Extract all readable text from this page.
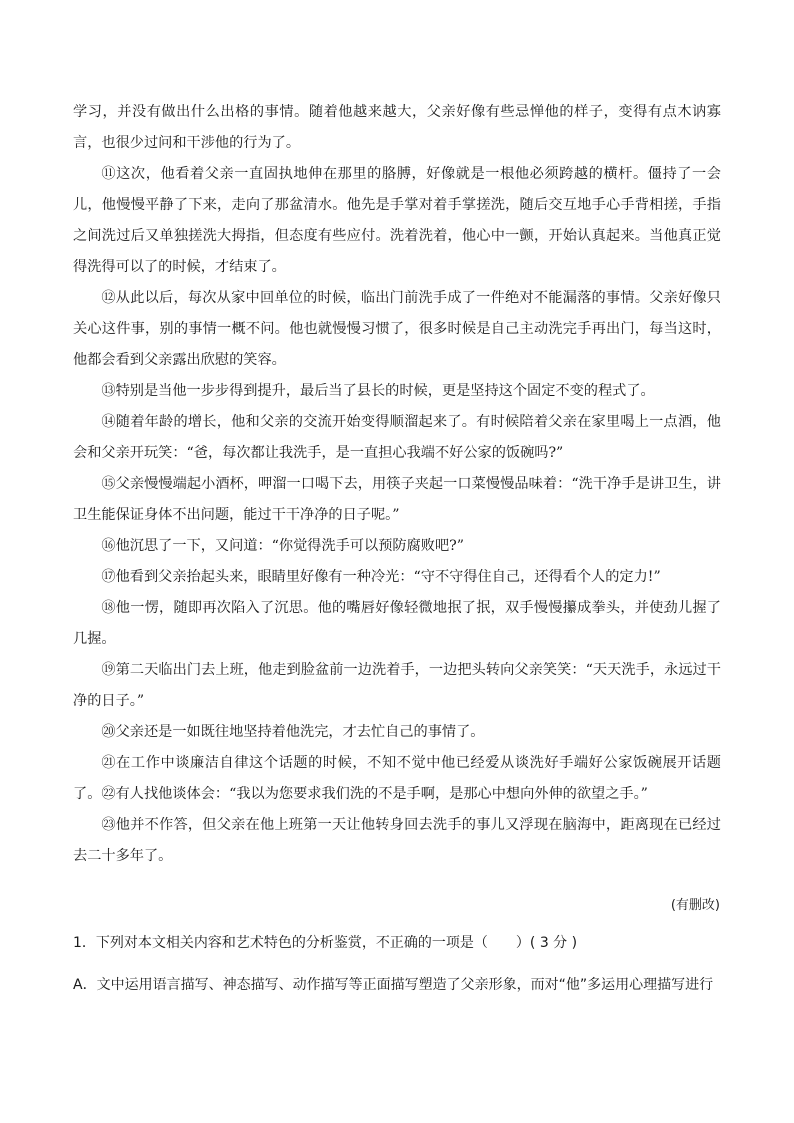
学习，并没有做出什么出格的事情。随着他越来越大，父亲好像有些忌惮他的样子，变得有点木讷寡言，也很少过问和干涉他的行为了。

⑪这次，他看着父亲一直固执地伸在那里的胳膊，好像就是一根他必须跨越的横杆。僵持了一会儿，他慢慢平静了下来，走向了那盆清水。他先是手掌对着手掌搓洗，随后交互地手心手背相搓，手指之间洗过后又单独搓洗大拇指，但态度有些应付。洗着洗着，他心中一颤，开始认真起来。当他真正觉得洗得可以了的时候，才结束了。

⑫从此以后，每次从家中回单位的时候，临出门前洗手成了一件绝对不能漏落的事情。父亲好像只关心这件事，别的事情一概不问。他也就慢慢习惯了，很多时候是自己主动洗完手再出门，每当这时，他都会看到父亲露出欣慰的笑容。

⑬特别是当他一步步得到提升，最后当了县长的时候，更是坚持这个固定不变的程式了。

⑭随着年龄的增长，他和父亲的交流开始变得顺溜起来了。有时候陪着父亲在家里喝上一点酒，他会和父亲开玩笑：“爸，每次都让我洗手，是一直担心我端不好公家的饭碗吗?”

⑮父亲慢慢端起小酒杯，呷溜一口喝下去，用筷子夹起一口菜慢慢品味着：“洗干净手是讲卫生，讲卫生能保证身体不出问题，能过干干净净的日子呢。”

⑯他沉思了一下，又问道：“你觉得洗手可以预防腐败吧?”

⑰他看到父亲抬起头来，眼睛里好像有一种冷光：“守不守得住自己，还得看个人的定力!”

⑱他一愣，随即再次陷入了沉思。他的嘴唇好像轻微地抿了抿，双手慢慢攥成拳头，并使劲儿握了几握。

⑲第二天临出门去上班，他走到脸盆前一边洗着手，一边把头转向父亲笑笑：“天天洗手，永远过干净的日子。”

⑳父亲还是一如既往地坚持着他洗完，才去忙自己的事情了。

㉑在工作中谈廉洁自律这个话题的时候，不知不觉中他已经爱从谈洗好手端好公家饭碗展开话题了。 ㉒有人找他谈体会：“我以为您要求我们洗的不是手啊，是那心中想向外伸的欲望之手。”

㉓他并不作答，但父亲在他上班第一天让他转身回去洗手的事儿又浮现在脑海中，距离现在已经过去二十多年了。

(有删改)

1．下列对本文相关内容和艺术特色的分析鉴赏，不正确的一项是（　　）( 3 分 )

A．文中运用语言描写、神态描写、动作描写等正面描写塑造了父亲形象，而对“他”多运用心理描写进行
